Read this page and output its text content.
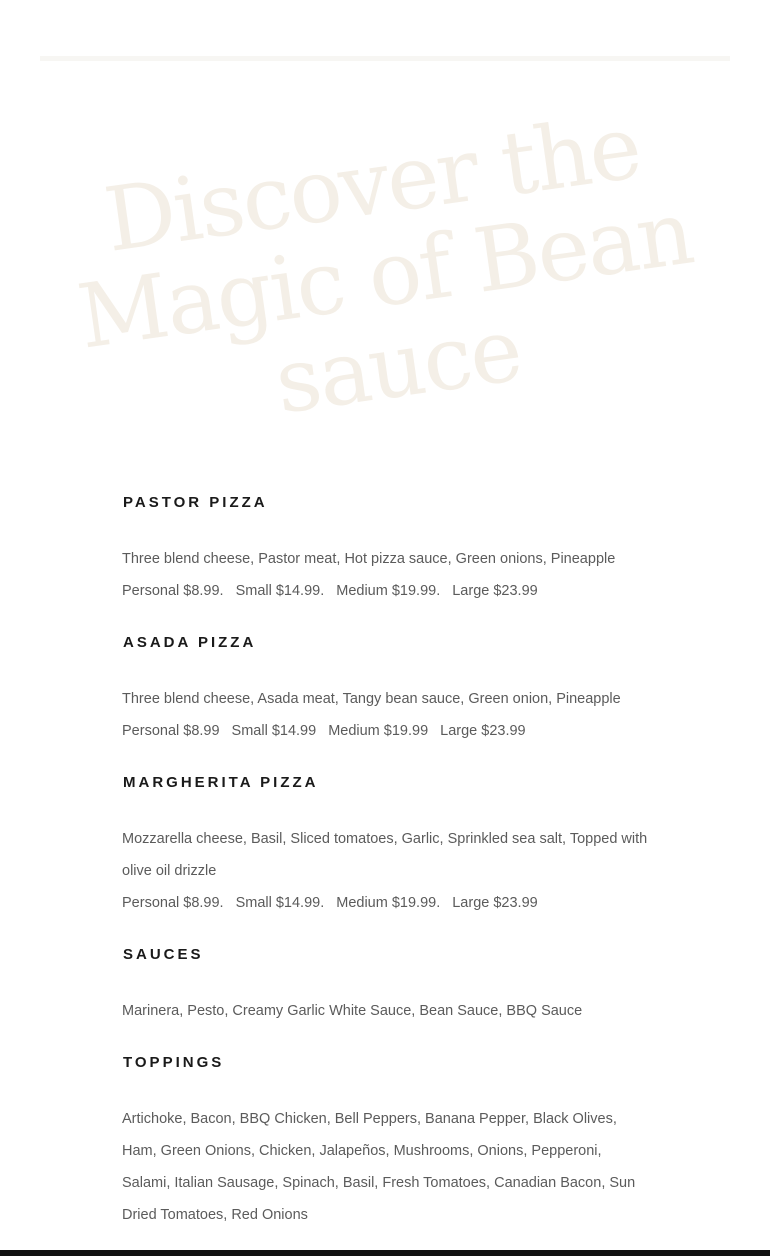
Discover the Magic of Bean sauce
PASTOR PIZZA

Three blend cheese, Pastor meat, Hot pizza sauce, Green onions, Pineapple

Personal $8.99. Small $14.99. Medium $19.99. Large $23.99

ASADA PIZZA

Three blend cheese, Asada meat, Tangy bean sauce, Green onion, Pineapple

Personal $8.99 Small $14.99 Medium $19.99 Large $23.99

MARGHERITA PIZZA

Mozzarella cheese, Basil, Sliced tomatoes, Garlic, Sprinkled sea salt, Topped with olive oil drizzle

Personal $8.99. Small $14.99. Medium $19.99. Large $23.99

SAUCES

Marinera, Pesto, Creamy Garlic White Sauce, Bean Sauce, BBQ Sauce

TOPPINGS

Artichoke, Bacon, BBQ Chicken, Bell Peppers, Banana Pepper, Black Olives, Ham, Green Onions, Chicken, Jalapeños, Mushrooms, Onions, Pepperoni, Salami, Italian Sausage, Spinach, Basil, Fresh Tomatoes, Canadian Bacon, Sun Dried Tomatoes, Red Onions
